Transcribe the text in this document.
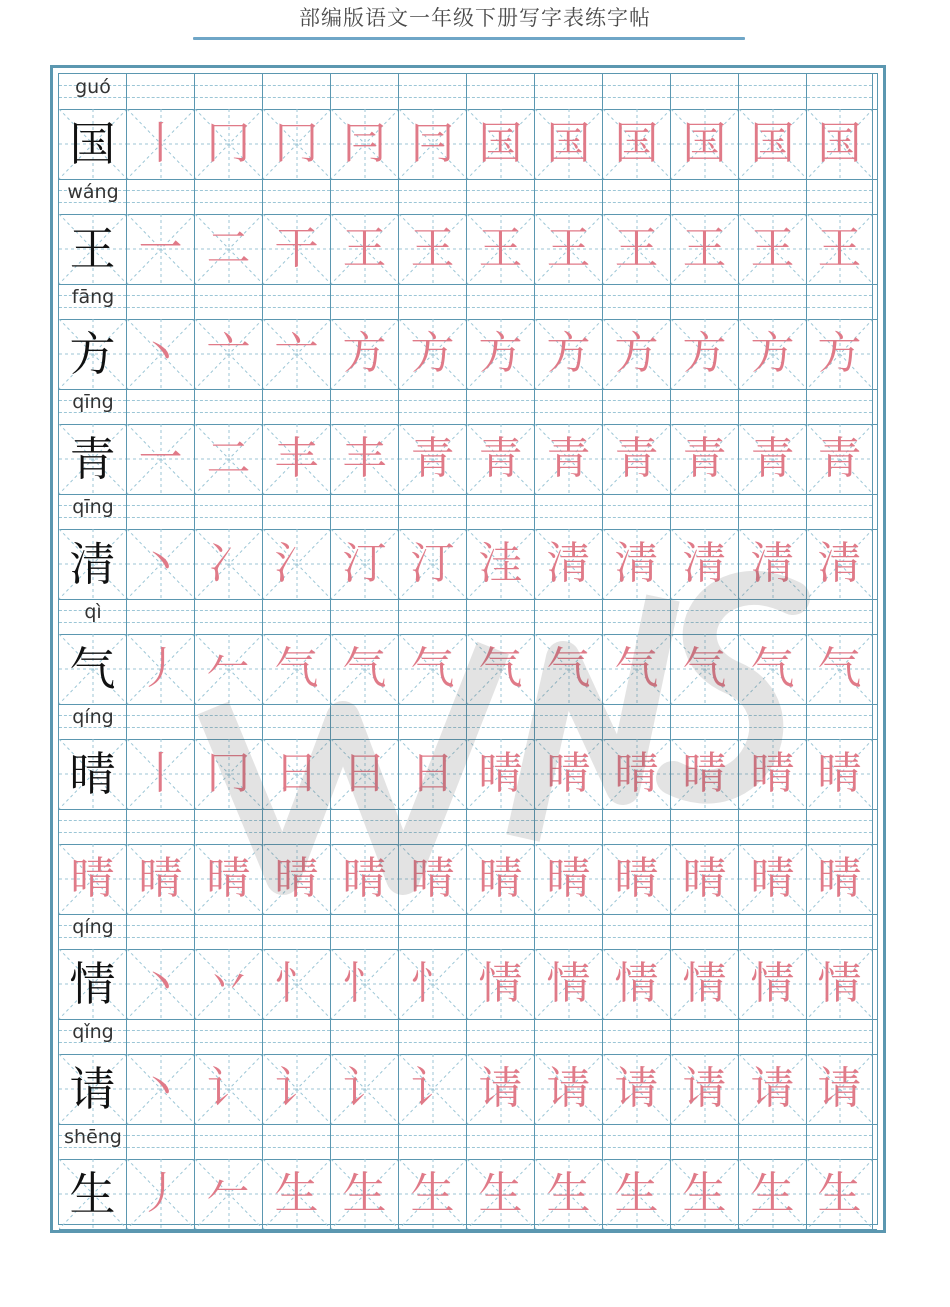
部编版语文一年级下册写字表练字帖
guó
国 丨 冂 冂 冃 冃 国 国 国 国 国 国
wáng
王 一 二 干 王 王 王 王 王 王 王 王
fāng
方 丶 亠 亠 方 方 方 方 方 方 方 方
qīng
青 一 二 丰 丰 青 青 青 青 青 青 青
qīng
清 丶 冫 氵 汀 汀 洼 清 清 清 清 清
qì
气 丿 𠂉 气 气 气 气 气 气 气 气 气
qíng
晴 丨 冂 日 日 日 晴 晴 晴 晴 晴 晴
晴 晴 晴 晴 晴 晴 晴 晴 晴 晴 晴 晴
qíng
情 丶 丷 忄 忄 忄 情 情 情 情 情 情
qǐng
请 丶 讠 讠 讠 讠 请 请 请 请 请 请
shēng
生 丿 𠂉 生 生 生 生 生 生 生 生 生
